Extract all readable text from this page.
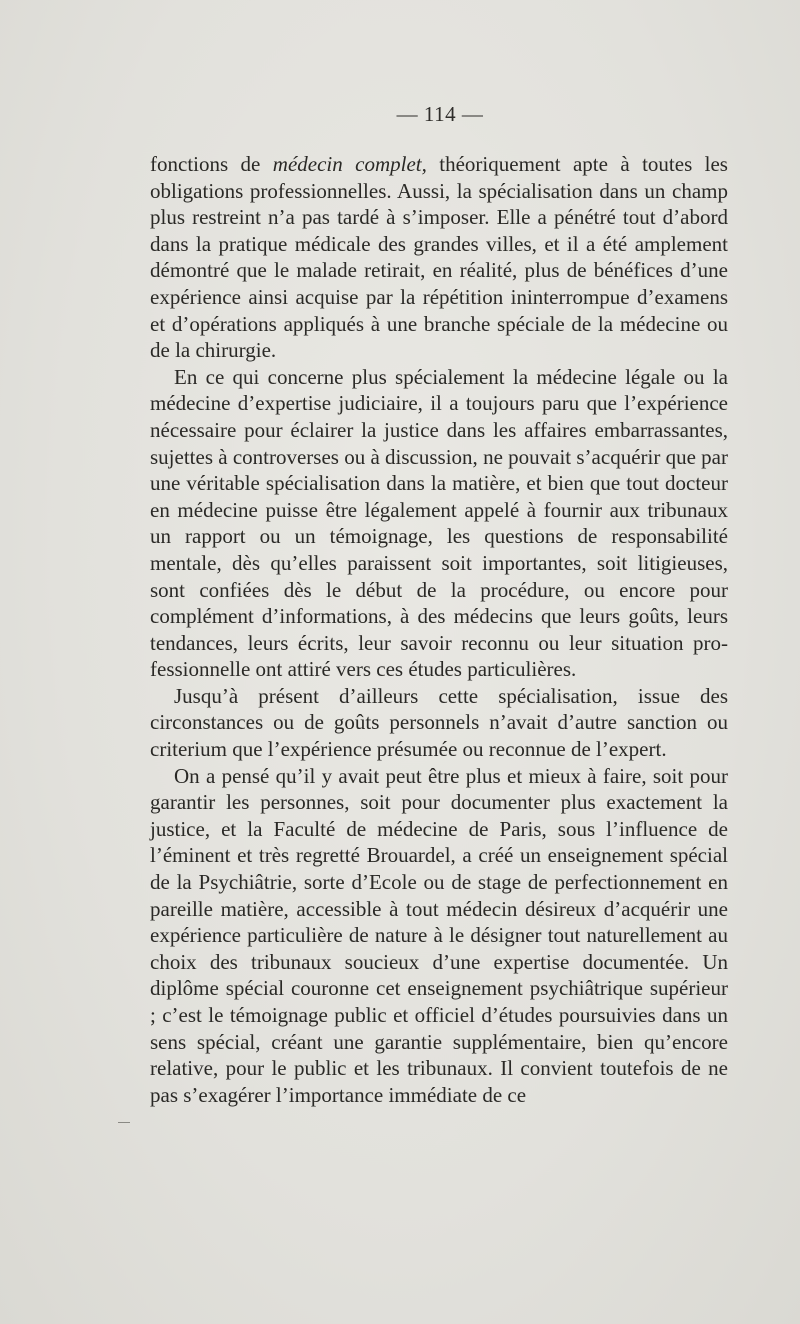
— 114 —

fonctions de médecin complet, théoriquement apte à toutes les obligations professionnelles. Aussi, la spécialisation dans un champ plus restreint n’a pas tardé à s’imposer. Elle a pénétré tout d’abord dans la pratique médicale des grandes villes, et il a été amplement démontré que le malade retirait, en réalité, plus de bénéfices d’une expérience ainsi acquise par la répétition ininterrompue d’examens et d’opérations appliqués à une branche spéciale de la médecine ou de la chirurgie.

En ce qui concerne plus spécialement la médecine légale ou la médecine d’expertise judiciaire, il a toujours paru que l’expérience nécessaire pour éclairer la justice dans les affaires embarrassantes, sujettes à controverses ou à discussion, ne pouvait s’acquérir que par une véritable spécialisation dans la matière, et bien que tout docteur en médecine puisse être légalement appelé à fournir aux tribunaux un rapport ou un témoignage, les questions de responsabilité mentale, dès qu’elles paraissent soit importantes, soit litigieuses, sont confiées dès le début de la procédure, ou encore pour complément d’informations, à des médecins que leurs goûts, leurs tendances, leurs écrits, leur savoir reconnu ou leur situation professionnelle ont attiré vers ces études particulières.

Jusqu’à présent d’ailleurs cette spécialisation, issue des circonstances ou de goûts personnels n’avait d’autre sanction ou criterium que l’expérience présumée ou reconnue de l’expert.

On a pensé qu’il y avait peut être plus et mieux à faire, soit pour garantir les personnes, soit pour documenter plus exactement la justice, et la Faculté de médecine de Paris, sous l’influence de l’éminent et très regretté Brouardel, a créé un enseignement spécial de la Psychiâtrie, sorte d’Ecole ou de stage de perfectionnement en pareille matière, accessible à tout médecin désireux d’acquérir une expérience particulière de nature à le désigner tout naturellement au choix des tribunaux soucieux d’une expertise documentée. Un diplôme spécial couronne cet enseignement psychiâtrique supérieur ; c’est le témoignage public et officiel d’études poursuivies dans un sens spécial, créant une garantie supplémentaire, bien qu’encore relative, pour le public et les tribunaux. Il convient toutefois de ne pas s’exagérer l’importance immédiate de ce
